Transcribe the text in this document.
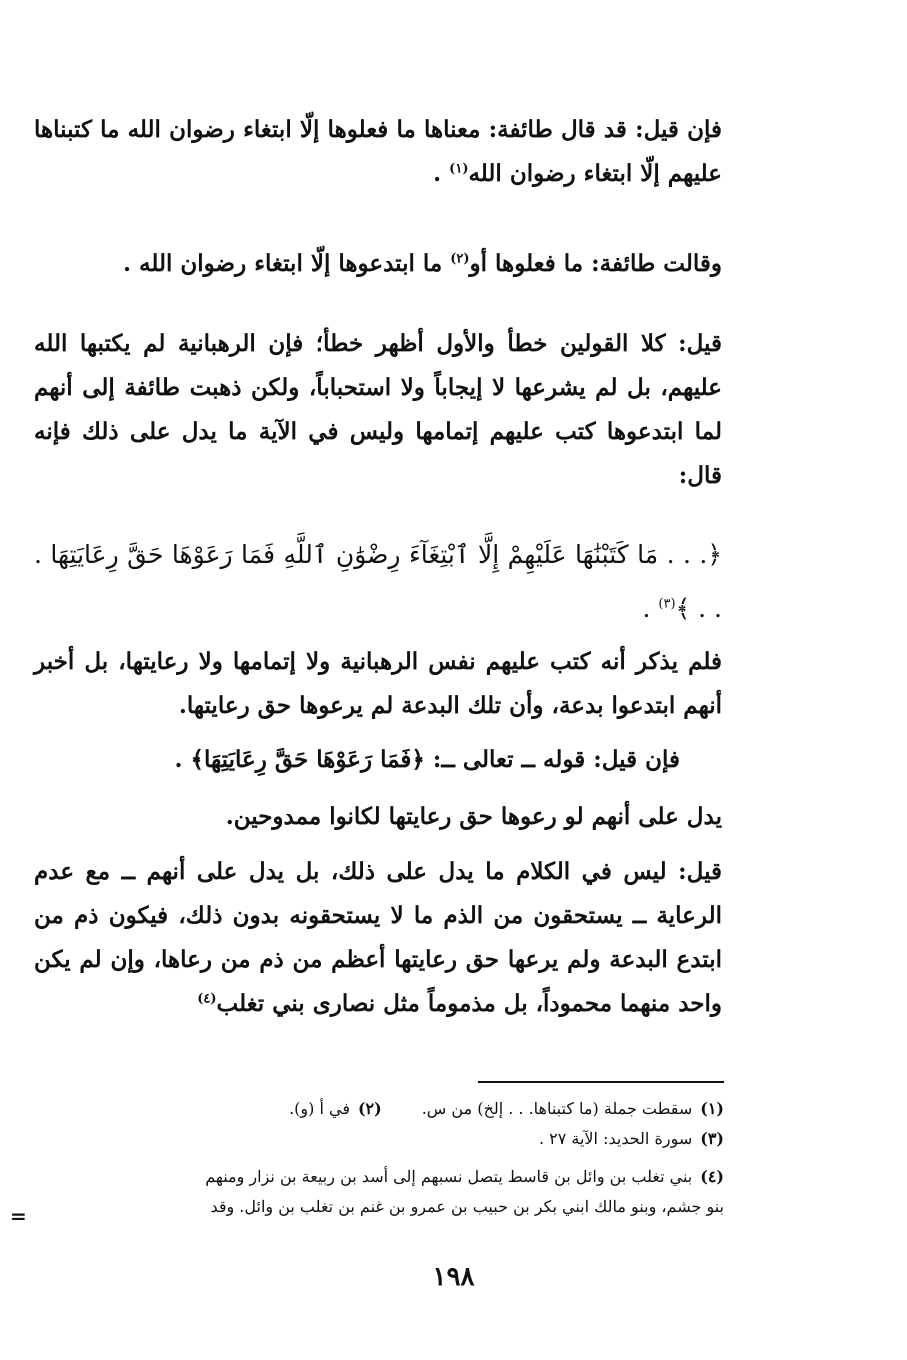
فإن قيل: قد قال طائفة: معناها ما فعلوها إلّا ابتغاء رضوان الله ما كتبناها عليهم إلّا ابتغاء رضوان الله$^{(١)}$ .
وقالت طائفة: ما فعلوها أو$^{(٢)}$ ما ابتدعوها إلّا ابتغاء رضوان الله .
قيل: كلا القولين خطأ والأول أظهر خطأ؛ فإن الرهبانية لم يكتبها الله عليهم، بل لم يشرعها لا إيجاباً ولا استحباباً، ولكن ذهبت طائفة إلى أنهم لما ابتدعوها كتب عليهم إتمامها وليس في الآية ما يدل على ذلك فإنه قال:
﴿. . . مَا كَتَبْنَٰهَا عَلَيْهِمْ إِلَّا ٱبْتِغَآءَ رِضْوَٰنِ ٱللَّهِ فَمَا رَعَوْهَا حَقَّ رِعَايَتِهَا . . . ﴾$^{(٣)}$ .
فلم يذكر أنه كتب عليهم نفس الرهبانية ولا إتمامها ولا رعايتها، بل أخبر أنهم ابتدعوا بدعة، وأن تلك البدعة لم يرعوها حق رعايتها.
فإن قيل: قوله ــ تعالى ــ: ﴿فَمَا رَعَوْهَا حَقَّ رِعَايَتِهَا﴾ .
يدل على أنهم لو رعوها حق رعايتها لكانوا ممدوحين.
قيل: ليس في الكلام ما يدل على ذلك، بل يدل على أنهم ــ مع عدم الرعاية ــ يستحقون من الذم ما لا يستحقونه بدون ذلك، فيكون ذم من ابتدع البدعة ولم يرعها حق رعايتها أعظم من ذم من رعاها، وإن لم يكن واحد منهما محموداً، بل مذموماً مثل نصارى بني تغلب$^{(٤)}$
(١)سقطت جملة (ما كتبناها. . . إلخ) من س.
(٢)في أ (و).
(٣)سورة الحديد: الآية ٢٧ .
(٤)بني تغلب بن وائل بن قاسط يتصل نسبهم إلى أسد بن ربيعة بن نزار ومنهم
بنو جشم، وبنو مالك ابني بكر بن حبيب بن عمرو بن غنم بن تغلب بن وائل. وقد
=
١٩٨
